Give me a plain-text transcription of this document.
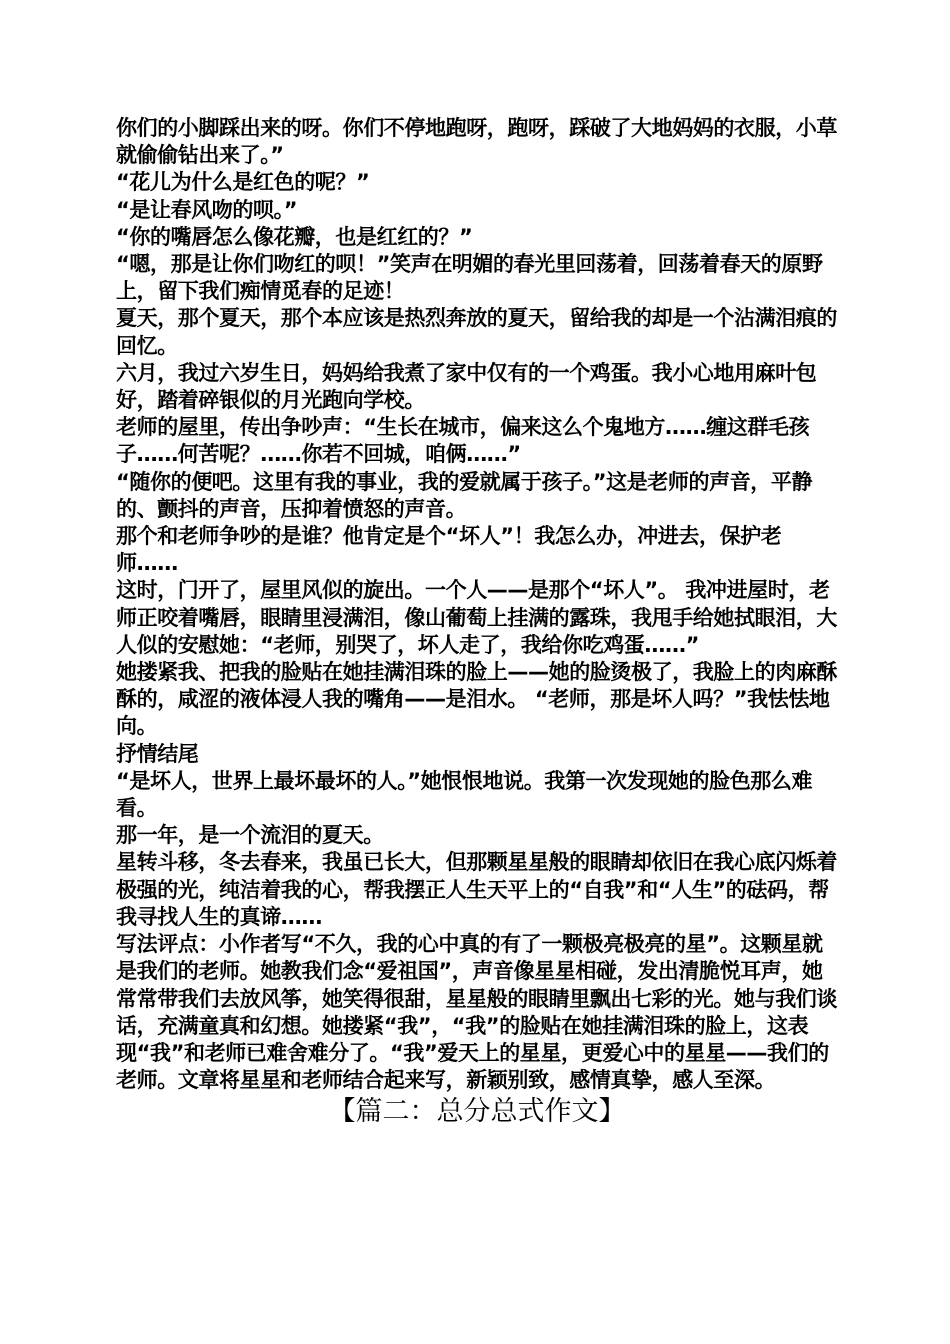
你们的小脚踩出来的呀。你们不停地跑呀，跑呀，踩破了大地妈妈的衣服，小草就偷偷钻出来了。”

“花儿为什么是红色的呢？”

“是让春风吻的呗。”

“你的嘴唇怎么像花瓣，也是红红的？”

“嗯，那是让你们吻红的呗！”笑声在明媚的春光里回荡着，回荡着春天的原野上，留下我们痴情觅春的足迹！

夏天，那个夏天，那个本应该是热烈奔放的夏天，留给我的却是一个沾满泪痕的回忆。

六月，我过六岁生日，妈妈给我煮了家中仅有的一个鸡蛋。我小心地用麻叶包好，踏着碎银似的月光跑向学校。

老师的屋里，传出争吵声：“生长在城市，偏来这么个鬼地方……缠这群毛孩子……何苦呢？……你若不回城，咱俩……”

“随你的便吧。这里有我的事业，我的爱就属于孩子。”这是老师的声音，平静的、颤抖的声音，压抑着愤怒的声音。

那个和老师争吵的是谁？他肯定是个“坏人”！我怎么办，冲进去，保护老师……

这时，门开了，屋里风似的旋出。一个人——是那个“坏人”。 我冲进屋时，老师正咬着嘴唇，眼睛里浸满泪，像山葡萄上挂满的露珠，我甩手给她拭眼泪，大人似的安慰她：“老师，别哭了，坏人走了，我给你吃鸡蛋……”

她搂紧我、把我的脸贴在她挂满泪珠的脸上——她的脸烫极了，我脸上的肉麻酥酥的，咸涩的液体浸人我的嘴角——是泪水。 “老师，那是坏人吗？”我怯怯地向。

抒情结尾

“是坏人，世界上最坏最坏的人。”她恨恨地说。我第一次发现她的脸色那么难看。

那一年，是一个流泪的夏天。

星转斗移，冬去春来，我虽已长大，但那颗星星般的眼睛却依旧在我心底闪烁着极强的光，纯洁着我的心，帮我摆正人生天平上的“自我”和“人生”的砝码，帮我寻找人生的真谛……

写法评点：小作者写“不久，我的心中真的有了一颗极亮极亮的星”。这颗星就是我们的老师。她教我们念“爱祖国”，声音像星星相碰，发出清脆悦耳声，她常常带我们去放风筝，她笑得很甜，星星般的眼睛里飘出七彩的光。她与我们谈话，充满童真和幻想。她搂紧“我”，“我”的脸贴在她挂满泪珠的脸上，这表现“我”和老师已难舍难分了。“我”爱天上的星星，更爱心中的星星——我们的老师。文章将星星和老师结合起来写，新颖别致，感情真挚，感人至深。

【篇二：总分总式作文】
